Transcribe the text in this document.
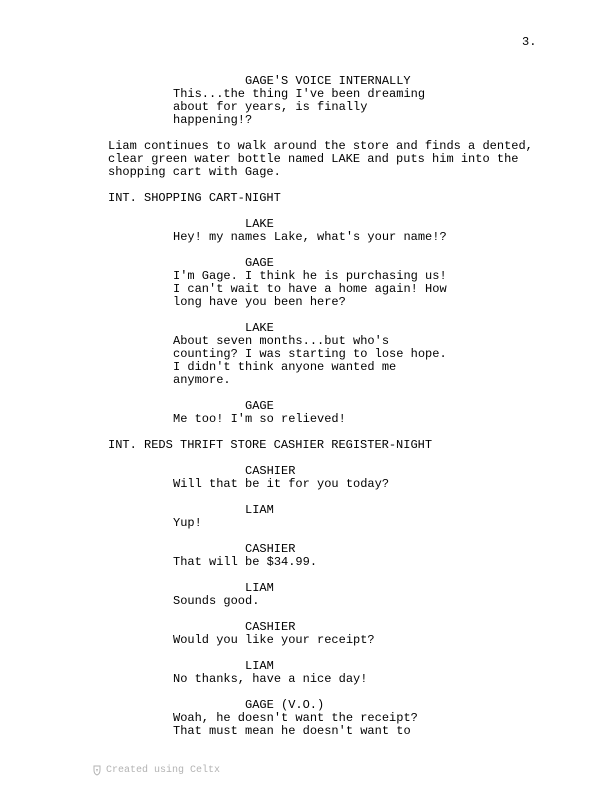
3.
GAGE'S VOICE INTERNALLY
This...the thing I've been dreaming
about for years, is finally
happening!?
Liam continues to walk around the store and finds a dented,
clear green water bottle named LAKE and puts him into the
shopping cart with Gage.
INT. SHOPPING CART-NIGHT
LAKE
Hey! my names Lake, what's your name!?
GAGE
I'm Gage. I think he is purchasing us!
I can't wait to have a home again! How
long have you been here?
LAKE
About seven months...but who's
counting? I was starting to lose hope.
I didn't think anyone wanted me
anymore.
GAGE
Me too! I'm so relieved!
INT. REDS THRIFT STORE CASHIER REGISTER-NIGHT
CASHIER
Will that be it for you today?
LIAM
Yup!
CASHIER
That will be $34.99.
LIAM
Sounds good.
CASHIER
Would you like your receipt?
LIAM
No thanks, have a nice day!
GAGE (V.O.)
Woah, he doesn't want the receipt?
That must mean he doesn't want to
Created using Celtx
